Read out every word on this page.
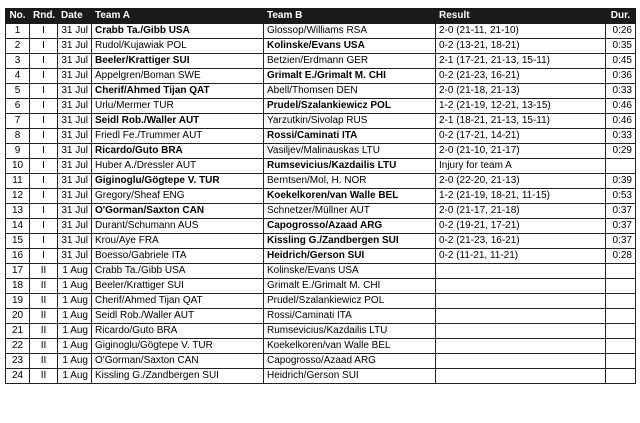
No.	Rnd.	Date	Team A	Team B	Result	Dur.
1	I	31 Jul	Crabb Ta./Gibb USA	Glossop/Williams RSA	2-0 (21-11, 21-10)	0:26
2	I	31 Jul	Rudol/Kujawiak POL	Kolinske/Evans USA	0-2 (13-21, 18-21)	0:35
3	I	31 Jul	Beeler/Krattiger SUI	Betzien/Erdmann GER	2-1 (17-21, 21-13, 15-11)	0:45
4	I	31 Jul	Appelgren/Boman SWE	Grimalt E./Grimalt M. CHI	0-2 (21-23, 16-21)	0:36
5	I	31 Jul	Cherif/Ahmed Tijan QAT	Abell/Thomsen DEN	2-0 (21-18, 21-13)	0:33
6	I	31 Jul	Urlu/Mermer TUR	Prudel/Szalankiewicz POL	1-2 (21-19, 12-21, 13-15)	0:46
7	I	31 Jul	Seidl Rob./Waller AUT	Yarzutkin/Sivolap RUS	2-1 (18-21, 21-13, 15-11)	0:46
8	I	31 Jul	Friedl Fe./Trummer AUT	Rossi/Caminati ITA	0-2 (17-21, 14-21)	0:33
9	I	31 Jul	Ricardo/Guto BRA	Vasiljev/Malinauskas LTU	2-0 (21-10, 21-17)	0:29
10	I	31 Jul	Huber A./Dressler AUT	Rumsevicius/Kazdailis LTU	Injury for team A	
11	I	31 Jul	Giginoglu/Gögtepe V. TUR	Berntsen/Mol, H. NOR	2-0 (22-20, 21-13)	0:39
12	I	31 Jul	Gregory/Sheaf ENG	Koekelkoren/van Walle BEL	1-2 (21-19, 18-21, 11-15)	0:53
13	I	31 Jul	O'Gorman/Saxton CAN	Schnetzer/Müllner AUT	2-0 (21-17, 21-18)	0:37
14	I	31 Jul	Durant/Schumann AUS	Capogrosso/Azaad ARG	0-2 (19-21, 17-21)	0:37
15	I	31 Jul	Krou/Aye FRA	Kissling G./Zandbergen SUI	0-2 (21-23, 16-21)	0:37
16	I	31 Jul	Boesso/Gabriele ITA	Heidrich/Gerson SUI	0-2 (11-21, 11-21)	0:28
17	II	1 Aug	Crabb Ta./Gibb USA	Kolinske/Evans USA		
18	II	1 Aug	Beeler/Krattiger SUI	Grimalt E./Grimalt M. CHI		
19	II	1 Aug	Cherif/Ahmed Tijan QAT	Prudel/Szalankiewicz POL		
20	II	1 Aug	Seidl Rob./Waller AUT	Rossi/Caminati ITA		
21	II	1 Aug	Ricardo/Guto BRA	Rumsevicius/Kazdailis LTU		
22	II	1 Aug	Giginoglu/Gögtepe V. TUR	Koekelkoren/van Walle BEL		
23	II	1 Aug	O'Gorman/Saxton CAN	Capogrosso/Azaad ARG		
24	II	1 Aug	Kissling G./Zandbergen SUI	Heidrich/Gerson SUI		
